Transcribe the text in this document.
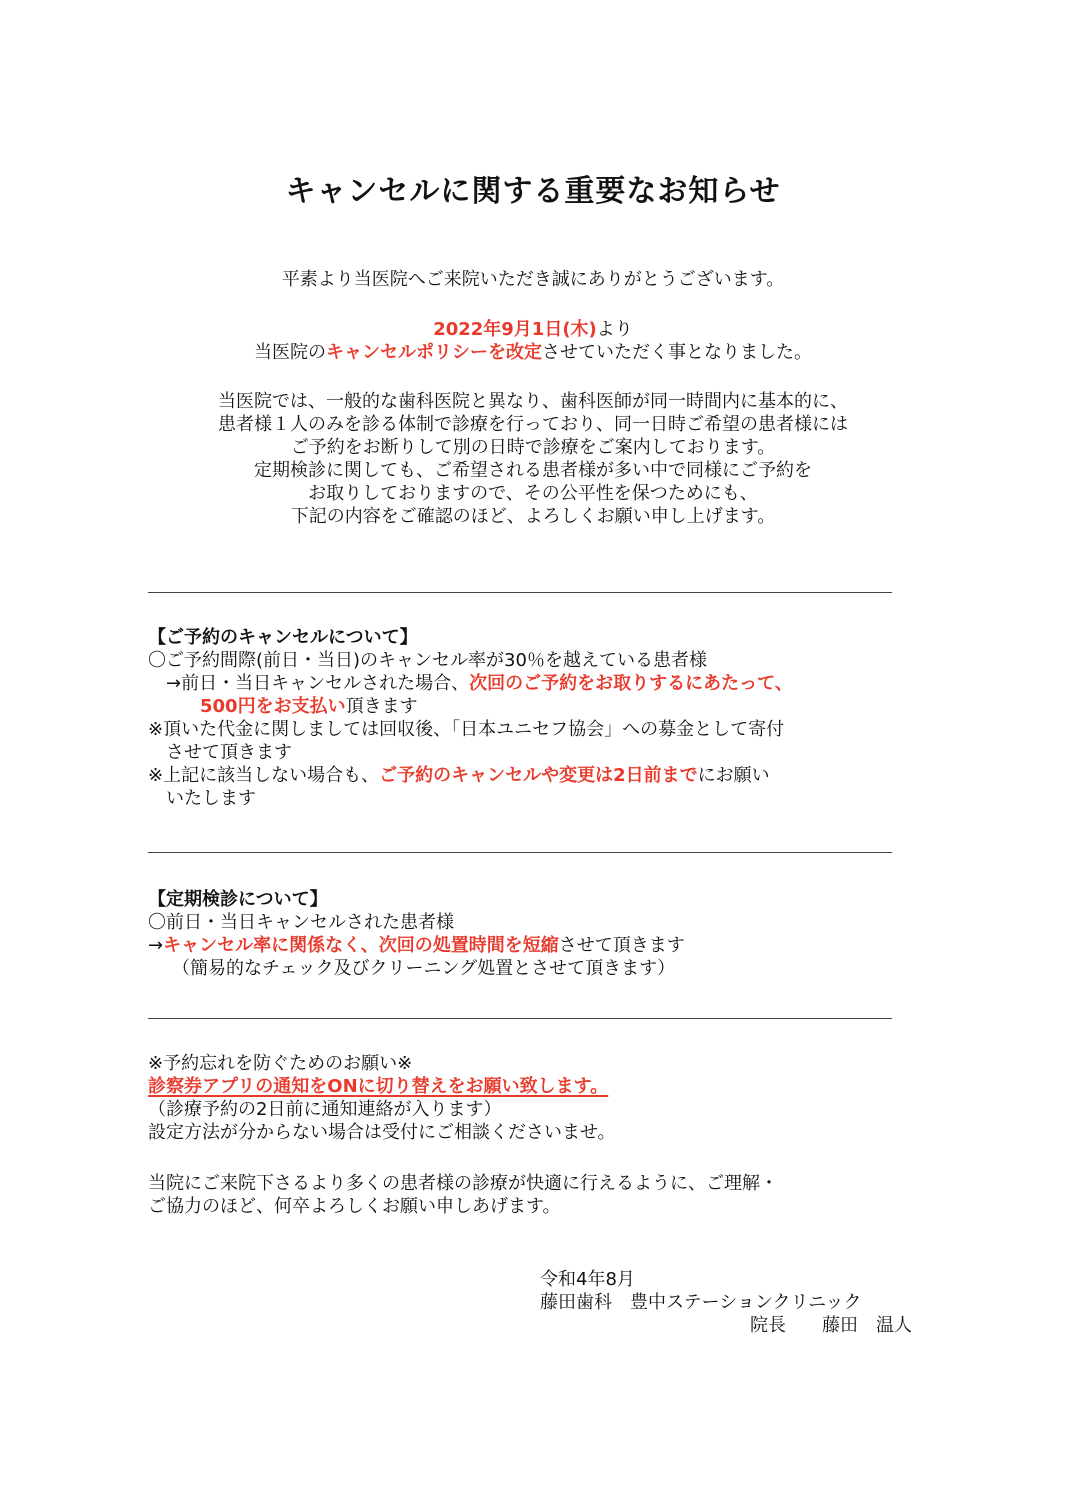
キャンセルに関する重要なお知らせ
平素より当医院へご来院いただき誠にありがとうございます。
2022年9月1日(木)より
当医院のキャンセルポリシーを改定させていただく事となりました。
当医院では、一般的な歯科医院と異なり、歯科医師が同一時間内に基本的に、
患者様１人のみを診る体制で診療を行っており、同一日時ご希望の患者様には
ご予約をお断りして別の日時で診療をご案内しております。
定期検診に関しても、ご希望される患者様が多い中で同様にご予約を
お取りしておりますので、その公平性を保つためにも、
下記の内容をご確認のほど、よろしくお願い申し上げます。
【ご予約のキャンセルについて】
〇ご予約間際(前日・当日)のキャンセル率が30％を越えている患者様
→前日・当日キャンセルされた場合、次回のご予約をお取りするにあたって、
500円をお支払い頂きます
※頂いた代金に関しましては回収後、「日本ユニセフ協会」への募金として寄付
させて頂きます
※上記に該当しない場合も、ご予約のキャンセルや変更は2日前までにお願い
いたします
【定期検診について】
〇前日・当日キャンセルされた患者様
→キャンセル率に関係なく、次回の処置時間を短縮させて頂きます
（簡易的なチェック及びクリーニング処置とさせて頂きます）
※予約忘れを防ぐためのお願い※
診察券アプリの通知をONに切り替えをお願い致します。
（診療予約の2日前に通知連絡が入ります）
設定方法が分からない場合は受付にご相談くださいませ。
当院にご来院下さるより多くの患者様の診療が快適に行えるように、ご理解・
ご協力のほど、何卒よろしくお願い申しあげます。
令和4年8月
藤田歯科　豊中ステーションクリニック
院長　　藤田　温人
